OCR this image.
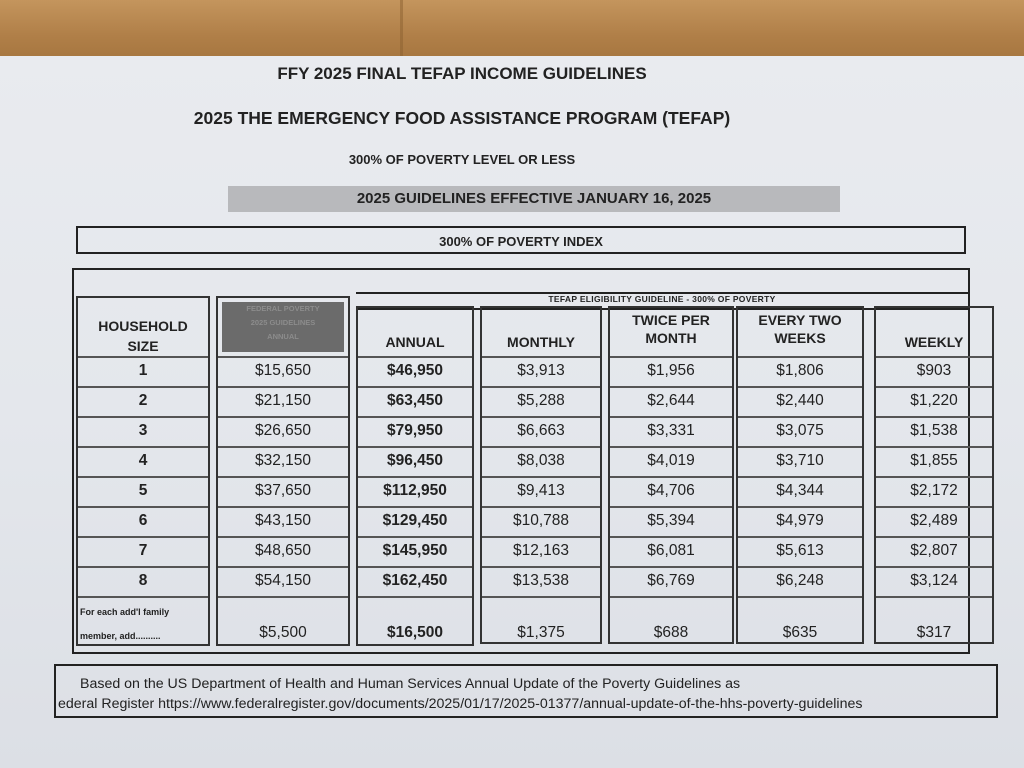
FFY 2025 FINAL TEFAP INCOME GUIDELINES
2025 THE EMERGENCY FOOD ASSISTANCE PROGRAM (TEFAP)
300% OF POVERTY LEVEL OR LESS
2025 GUIDELINES EFFECTIVE JANUARY 16, 2025
300% OF POVERTY INDEX
TEFAP ELIGIBILITY GUIDELINE - 300% OF POVERTY
HOUSEHOLD
SIZE
1
2
3
4
5
6
7
8
For each add'l family
member, add..........
FEDERAL POVERTY
2025 GUIDELINES
ANNUAL
$15,650
$21,150
$26,650
$32,150
$37,650
$43,150
$48,650
$54,150
$5,500
ANNUAL
$46,950
$63,450
$79,950
$96,450
$112,950
$129,450
$145,950
$162,450
$16,500
MONTHLY
$3,913
$5,288
$6,663
$8,038
$9,413
$10,788
$12,163
$13,538
$1,375
TWICE PER
MONTH
$1,956
$2,644
$3,331
$4,019
$4,706
$5,394
$6,081
$6,769
$688
EVERY TWO
WEEKS
$1,806
$2,440
$3,075
$3,710
$4,344
$4,979
$5,613
$6,248
$635
WEEKLY
$903
$1,220
$1,538
$1,855
$2,172
$2,489
$2,807
$3,124
$317
Based on the US Department of Health and Human Services Annual Update of the Poverty Guidelines as
ederal Register https://www.federalregister.gov/documents/2025/01/17/2025-01377/annual-update-of-the-hhs-poverty-guidelines
